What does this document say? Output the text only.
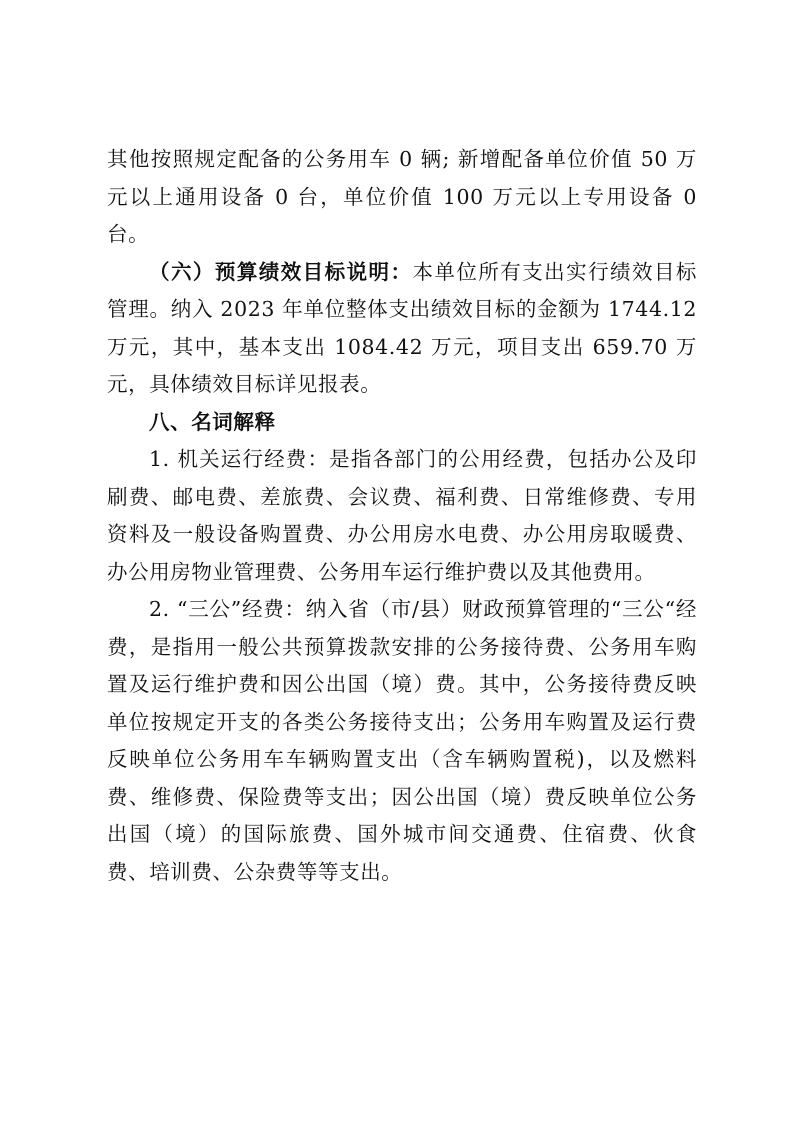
其他按照规定配备的公务用车 0 辆; 新增配备单位价值 50 万元以上通用设备 0 台，单位价值 100 万元以上专用设备 0 台。

（六）预算绩效目标说明：本单位所有支出实行绩效目标管理。纳入 2023 年单位整体支出绩效目标的金额为 1744.12 万元，其中，基本支出 1084.42 万元，项目支出 659.70 万元，具体绩效目标详见报表。

八、名词解释

1. 机关运行经费：是指各部门的公用经费，包括办公及印刷费、邮电费、差旅费、会议费、福利费、日常维修费、专用资料及一般设备购置费、办公用房水电费、办公用房取暖费、办公用房物业管理费、公务用车运行维护费以及其他费用。

2. “三公”经费：纳入省（市/县）财政预算管理的“三公“经费，是指用一般公共预算拨款安排的公务接待费、公务用车购置及运行维护费和因公出国（境）费。其中，公务接待费反映单位按规定开支的各类公务接待支出；公务用车购置及运行费反映单位公务用车车辆购置支出（含车辆购置税)，以及燃料费、维修费、保险费等支出；因公出国（境）费反映单位公务出国（境）的国际旅费、国外城市间交通费、住宿费、伙食费、培训费、公杂费等等支出。
